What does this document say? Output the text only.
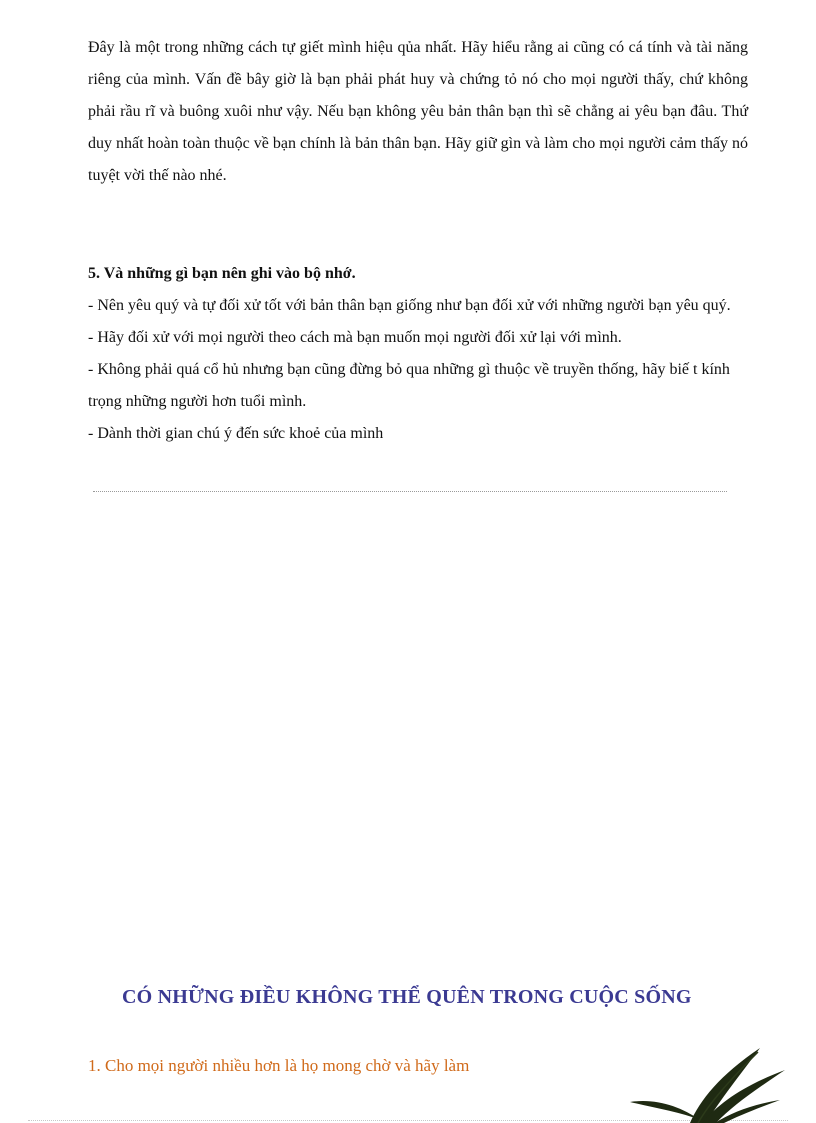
Đây là một trong những cách tự giết mình hiệu qủa nhất. Hãy hiểu rằng ai cũng có cá tính và tài năng riêng của mình. Vấn đề bây giờ là bạn phải phát huy và chứng tỏ nó cho mọi người thấy, chứ không phải rầu rĩ và buông xuôi như vậy. Nếu bạn không yêu bản thân bạn thì sẽ chẳng ai yêu bạn đâu. Thứ duy nhất hoàn toàn thuộc về bạn chính là bản thân bạn. Hãy giữ gìn và làm cho mọi người cảm thấy nó tuyệt vời thế nào nhé.

5. Và những gì bạn nên ghi vào bộ nhớ.

- Nên yêu quý và tự đối xử tốt với bản thân bạn giống như bạn đối xử với những người bạn yêu quý.

- Hãy đối xử với mọi người theo cách mà bạn muốn mọi người đối xử lại với mình.

- Không phải quá cổ hủ nhưng bạn cũng đừng bỏ qua những gì thuộc về truyền thống, hãy biế t kính trọng những người hơn tuổi mình.

- Dành thời gian chú ý đến sức khoẻ của mình

CÓ NHỮNG ĐIỀU KHÔNG THỂ QUÊN TRONG CUỘC SỐNG

1. Cho mọi người nhiều hơn là họ mong chờ và hãy làm
